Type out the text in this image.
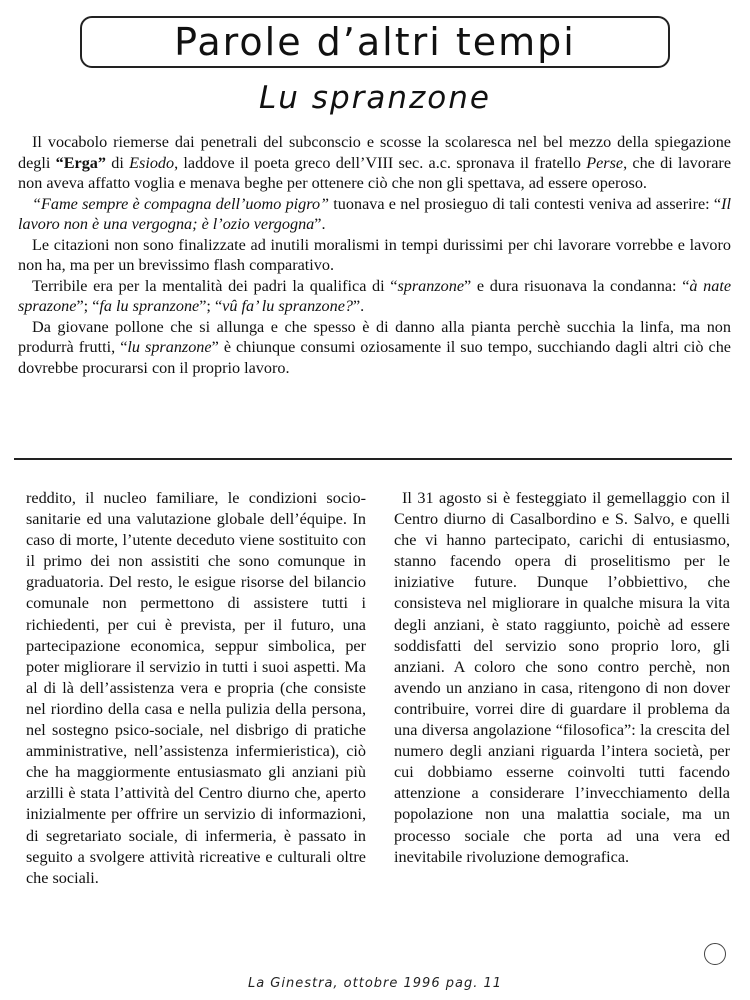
Parole d’altri tempi
Lu spranzone

Il vocabolo riemerse dai penetrali del subconscio e scosse la scolaresca nel bel mezzo della spiegazione degli “Erga” di Esiodo, laddove il poeta greco dell’VIII sec. a.c. spronava il fratello Perse, che di lavorare non aveva affatto voglia e menava beghe per ottenere ciò che non gli spettava, ad essere operoso.

“Fame sempre è compagna dell’uomo pigro” tuonava e nel prosieguo di tali contesti veniva ad asserire: “Il lavoro non è una vergogna; è l’ozio vergogna”.

Le citazioni non sono finalizzate ad inutili moralismi in tempi durissimi per chi lavorare vorrebbe e lavoro non ha, ma per un brevissimo flash comparativo.

Terribile era per la mentalità dei padri la qualifica di “spranzone” e dura risuonava la condanna: “à nate sprazone”; “fa lu spranzone”; “vû fa’ lu spranzone?”.

Da giovane pollone che si allunga e che spesso è di danno alla pianta perchè succhia la linfa, ma non produrrà frutti, “lu spranzone” è chiunque consumi oziosamente il suo tempo, succhiando dagli altri ciò che dovrebbe procurarsi con il proprio lavoro.

reddito, il nucleo familiare, le condizioni socio-sanitarie ed una valutazione globale dell’équipe. In caso di morte, l’utente deceduto viene sostituito con il primo dei non assistiti che sono comunque in graduatoria. Del resto, le esigue risorse del bilancio comunale non permettono di assistere tutti i richiedenti, per cui è prevista, per il futuro, una partecipazione economica, seppur simbolica, per poter migliorare il servizio in tutti i suoi aspetti. Ma al di là dell’assistenza vera e propria (che consiste nel riordino della casa e nella pulizia della persona, nel sostegno psico-sociale, nel disbrigo di pratiche amministrative, nell’assistenza infermieristica), ciò che ha maggiormente entusiasmato gli anziani più arzilli è stata l’attività del Centro diurno che, aperto inizialmente per offrire un servizio di informazioni, di segretariato sociale, di infermeria, è passato in seguito a svolgere attività ricreative e culturali oltre che sociali.

Il 31 agosto si è festeggiato il gemellaggio con il Centro diurno di Casalbordino e S. Salvo, e quelli che vi hanno partecipato, carichi di entusiasmo, stanno facendo opera di proselitismo per le iniziative future. Dunque l’obbiettivo, che consisteva nel migliorare in qualche misura la vita degli anziani, è stato raggiunto, poichè ad essere soddisfatti del servizio sono proprio loro, gli anziani. A coloro che sono contro perchè, non avendo un anziano in casa, ritengono di non dover contribuire, vorrei dire di guardare il problema da una diversa angolazione “filosofica”: la crescita del numero degli anziani riguarda l’intera società, per cui dobbiamo esserne coinvolti tutti facendo attenzione a considerare l’invecchiamento della popolazione non una malattia sociale, ma un processo sociale che porta ad una vera ed inevitabile rivoluzione demografica.

La Ginestra, ottobre 1996 pag. 11
